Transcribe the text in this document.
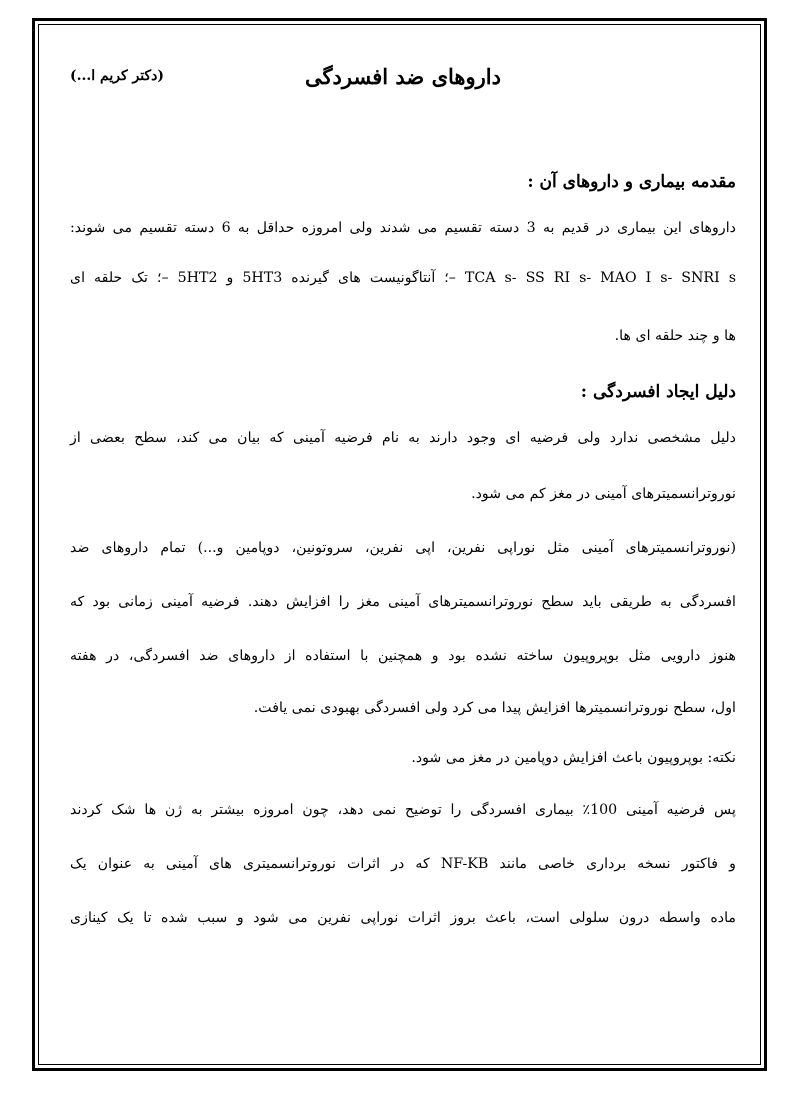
داروهای ضد افسردگی
(دکتر کریم ا...)
مقدمه بیماری و داروهای آن :
داروهای این بیماری در قدیم به 3 دسته تقسیم می شدند ولی امروزه حداقل به 6 دسته تقسیم می شوند:
TCA s- SS RI s- MAO I s- SNRI s –؛ آنتاگونیست های گیرنده 5HT3 و 5HT2 –؛ تک حلقه ای
ها و چند حلقه ای ها.
دلیل ایجاد افسردگی :
دلیل مشخصی ندارد ولی فرضیه ای وجود دارند به نام فرضیه آمینی که بیان می کند، سطح بعضی از
نوروترانسمیترهای آمینی در مغز کم می شود.
(نوروترانسمیترهای آمینی مثل نوراپی نفرین، اپی نفرین، سروتونین، دوپامین و...) تمام داروهای ضد
افسردگی به طریقی باید سطح نوروترانسمیترهای آمینی مغز را افزایش دهند. فرضیه آمینی زمانی بود که
هنوز دارویی مثل بوپروپیون ساخته نشده بود و همچنین با استفاده از داروهای ضد افسردگی، در هفته
اول، سطح نوروترانسمیترها افزایش پیدا می کرد ولی افسردگی بهبودی نمی یافت.
نکته: بوپروپیون باعث افزایش دوپامین در مغز می شود.
پس فرضیه آمینی 100٪ بیماری افسردگی را توضیح نمی دهد، چون امروزه بیشتر به ژن ها شک کردند
و فاکتور نسخه برداری خاصی مانند NF-KB که در اثرات نوروترانسمیتری های آمینی به عنوان یک
ماده واسطه درون سلولی است، باعث بروز اثرات نوراپی نفرین می شود و سبب شده تا یک کینازی
